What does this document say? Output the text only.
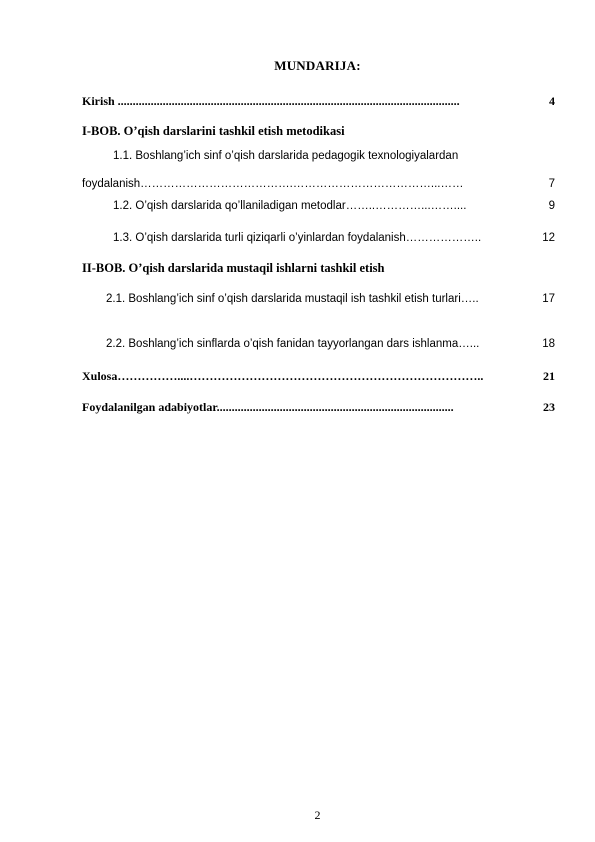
MUNDARIJA:
Kirish ..................................................................................................................	4
I-BOB. O’qish darslarini tashkil etish metodikasi
1.1. Boshlang’ich sinf o’qish darslarida pedagogik texnologiyalardan
foydalanish………………………………….………………………………...……	7
1.2. O’qish darslarida qo’llaniladigan metodlar……..…………...……....	9
1.3. O’qish darslarida turli qiziqarli o’yinlardan foydalanish………………..	12
II-BOB. O’qish darslarida mustaqil ishlarni tashkil etish
2.1. Boshlang’ich sinf o’qish darslarida mustaqil ish tashkil etish turlari…..	17
2.2. Boshlang’ich sinflarda o’qish fanidan tayyorlangan dars ishlanma…...	18
Xulosa……………....………………………………………………………………..	21
Foydalanilgan adabiyotlar...............................................................................	23
2
